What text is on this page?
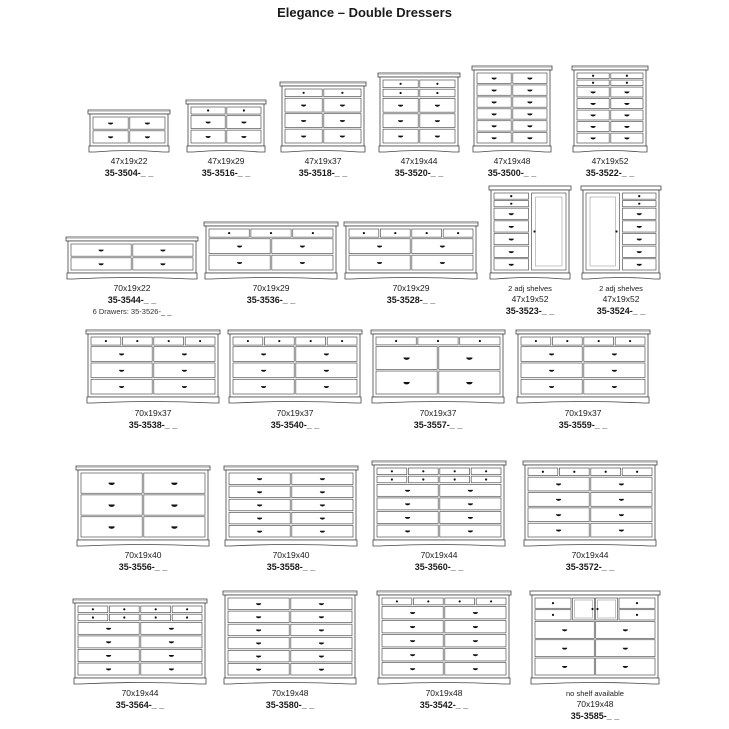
Elegance – Double Dressers
47x19x22
35-3504-_ _
47x19x29
35-3516-_ _
47x19x37
35-3518-_ _
47x19x44
35-3520-_ _
47x19x48
35-3500-_ _
47x19x52
35-3522-_ _
70x19x22
35-3544-_ _
6 Drawers: 35-3526-_ _
70x19x29
35-3536-_ _
70x19x29
35-3528-_ _
2 adj shelves
47x19x52
35-3523-_ _
2 adj shelves
47x19x52
35-3524-_ _
70x19x37
35-3538-_ _
70x19x37
35-3540-_ _
70x19x37
35-3557-_ _
70x19x37
35-3559-_ _
70x19x40
35-3556-_ _
70x19x40
35-3558-_ _
70x19x44
35-3560-_ _
70x19x44
35-3572-_ _
70x19x44
35-3564-_ _
70x19x48
35-3580-_ _
70x19x48
35-3542-_ _
no shelf available
70x19x48
35-3585-_ _
